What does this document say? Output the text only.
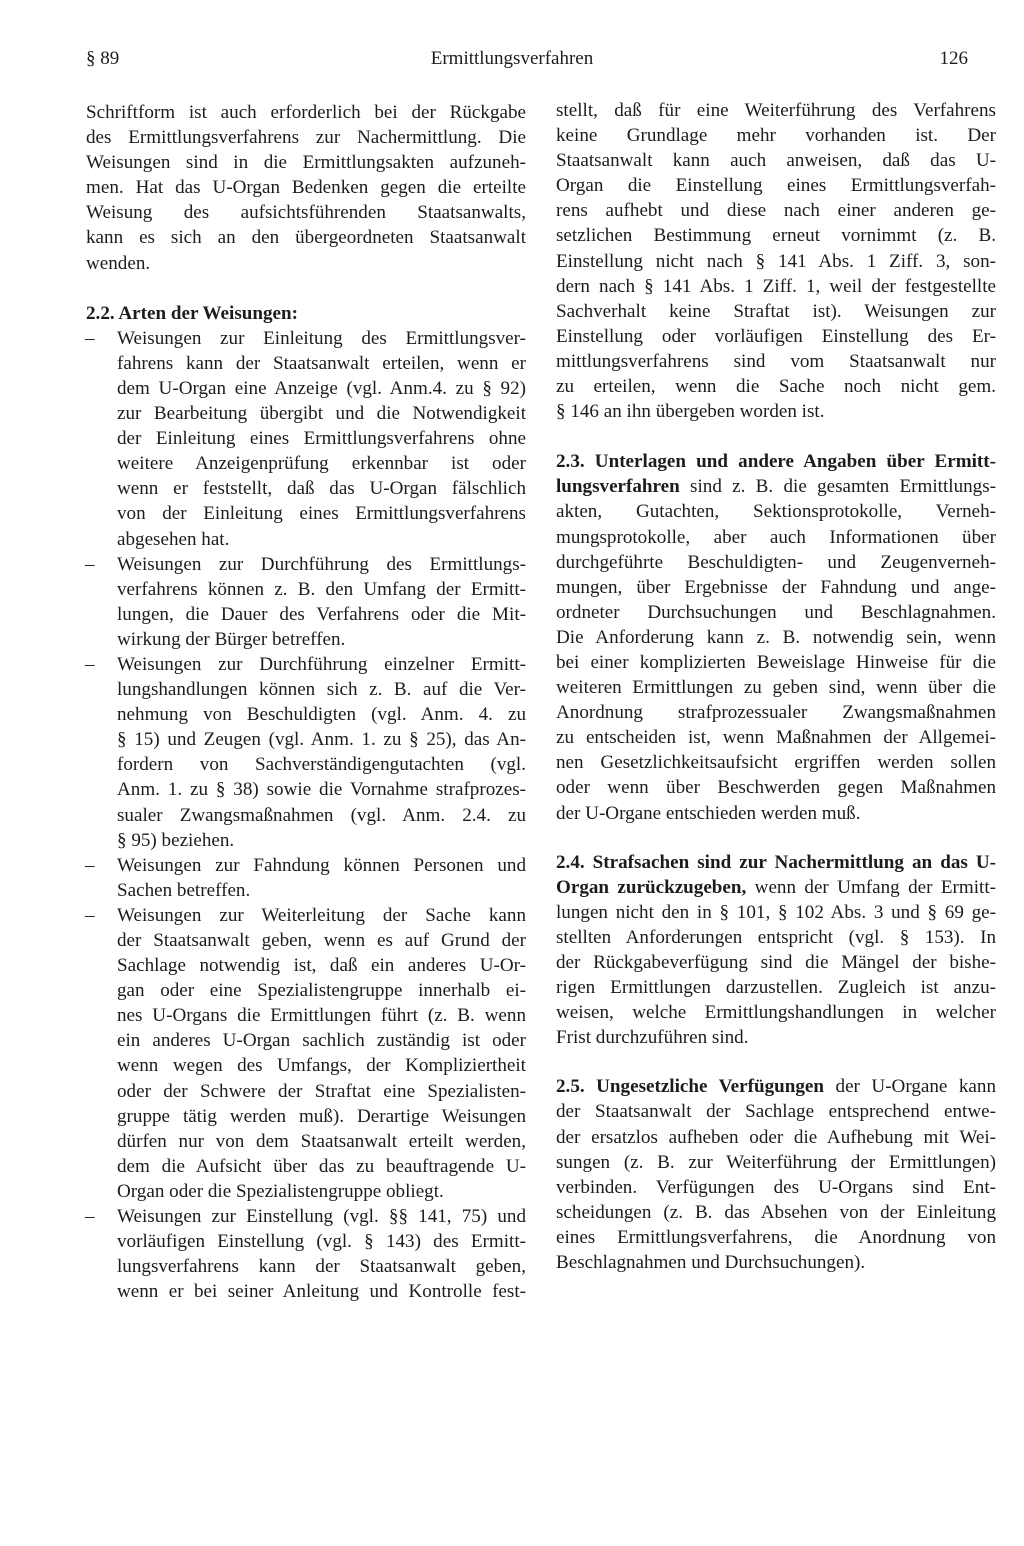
§ 89	Ermittlungsverfahren	126
Schriftform ist auch erforderlich bei der Rückgabe
des Ermittlungsverfahrens zur Nachermittlung. Die
Weisungen sind in die Ermittlungsakten aufzuneh-
men. Hat das U-Organ Bedenken gegen die erteilte
Weisung des aufsichtsführenden Staatsanwalts,
kann es sich an den übergeordneten Staatsanwalt
wenden.
2.2. Arten der Weisungen:
– Weisungen zur Einleitung des Ermittlungsver-
fahrens kann der Staatsanwalt erteilen, wenn er
dem U-Organ eine Anzeige (vgl. Anm.4. zu § 92)
zur Bearbeitung übergibt und die Notwendigkeit
der Einleitung eines Ermittlungsverfahrens ohne
weitere Anzeigenprüfung erkennbar ist oder
wenn er feststellt, daß das U-Organ fälschlich
von der Einleitung eines Ermittlungsverfahrens
abgesehen hat.
– Weisungen zur Durchführung des Ermittlungs-
verfahrens können z. B. den Umfang der Ermitt-
lungen, die Dauer des Verfahrens oder die Mit-
wirkung der Bürger betreffen.
– Weisungen zur Durchführung einzelner Ermitt-
lungshandlungen können sich z. B. auf die Ver-
nehmung von Beschuldigten (vgl. Anm. 4. zu
§ 15) und Zeugen (vgl. Anm. 1. zu § 25), das An-
fordern von Sachverständigengutachten (vgl.
Anm. 1. zu § 38) sowie die Vornahme strafprozes-
sualer Zwangsmaßnahmen (vgl. Anm. 2.4. zu
§ 95) beziehen.
– Weisungen zur Fahndung können Personen und
Sachen betreffen.
– Weisungen zur Weiterleitung der Sache kann
der Staatsanwalt geben, wenn es auf Grund der
Sachlage notwendig ist, daß ein anderes U-Or-
gan oder eine Spezialistengruppe innerhalb ei-
nes U-Organs die Ermittlungen führt (z. B. wenn
ein anderes U-Organ sachlich zuständig ist oder
wenn wegen des Umfangs, der Kompliziertheit
oder der Schwere der Straftat eine Spezialisten-
gruppe tätig werden muß). Derartige Weisungen
dürfen nur von dem Staatsanwalt erteilt werden,
dem die Aufsicht über das zu beauftragende U-
Organ oder die Spezialistengruppe obliegt.
– Weisungen zur Einstellung (vgl. §§ 141, 75) und
vorläufigen Einstellung (vgl. § 143) des Ermitt-
lungsverfahrens kann der Staatsanwalt geben,
wenn er bei seiner Anleitung und Kontrolle fest-
stellt, daß für eine Weiterführung des Verfahrens
keine Grundlage mehr vorhanden ist. Der
Staatsanwalt kann auch anweisen, daß das U-
Organ die Einstellung eines Ermittlungsverfah-
rens aufhebt und diese nach einer anderen ge-
setzlichen Bestimmung erneut vornimmt (z. B.
Einstellung nicht nach § 141 Abs. 1 Ziff. 3, son-
dern nach § 141 Abs. 1 Ziff. 1, weil der festgestellte
Sachverhalt keine Straftat ist). Weisungen zur
Einstellung oder vorläufigen Einstellung des Er-
mittlungsverfahrens sind vom Staatsanwalt nur
zu erteilen, wenn die Sache noch nicht gem.
§ 146 an ihn übergeben worden ist.
2.3. Unterlagen und andere Angaben über Ermitt-
lungsverfahren sind z. B. die gesamten Ermittlungs-
akten, Gutachten, Sektionsprotokolle, Verneh-
mungsprotokolle, aber auch Informationen über
durchgeführte Beschuldigten- und Zeugenverneh-
mungen, über Ergebnisse der Fahndung und ange-
ordneter Durchsuchungen und Beschlagnahmen.
Die Anforderung kann z. B. notwendig sein, wenn
bei einer komplizierten Beweislage Hinweise für die
weiteren Ermittlungen zu geben sind, wenn über die
Anordnung strafprozessualer Zwangsmaßnahmen
zu entscheiden ist, wenn Maßnahmen der Allgemei-
nen Gesetzlichkeitsaufsicht ergriffen werden sollen
oder wenn über Beschwerden gegen Maßnahmen
der U-Organe entschieden werden muß.
2.4. Strafsachen sind zur Nachermittlung an das U-
Organ zurückzugeben, wenn der Umfang der Ermitt-
lungen nicht den in § 101, § 102 Abs. 3 und § 69 ge-
stellten Anforderungen entspricht (vgl. § 153). In
der Rückgabeverfügung sind die Mängel der bishe-
rigen Ermittlungen darzustellen. Zugleich ist anzu-
weisen, welche Ermittlungshandlungen in welcher
Frist durchzuführen sind.
2.5. Ungesetzliche Verfügungen der U-Organe kann
der Staatsanwalt der Sachlage entsprechend entwe-
der ersatzlos aufheben oder die Aufhebung mit Wei-
sungen (z. B. zur Weiterführung der Ermittlungen)
verbinden. Verfügungen des U-Organs sind Ent-
scheidungen (z. B. das Absehen von der Einleitung
eines Ermittlungsverfahrens, die Anordnung von
Beschlagnahmen und Durchsuchungen).
